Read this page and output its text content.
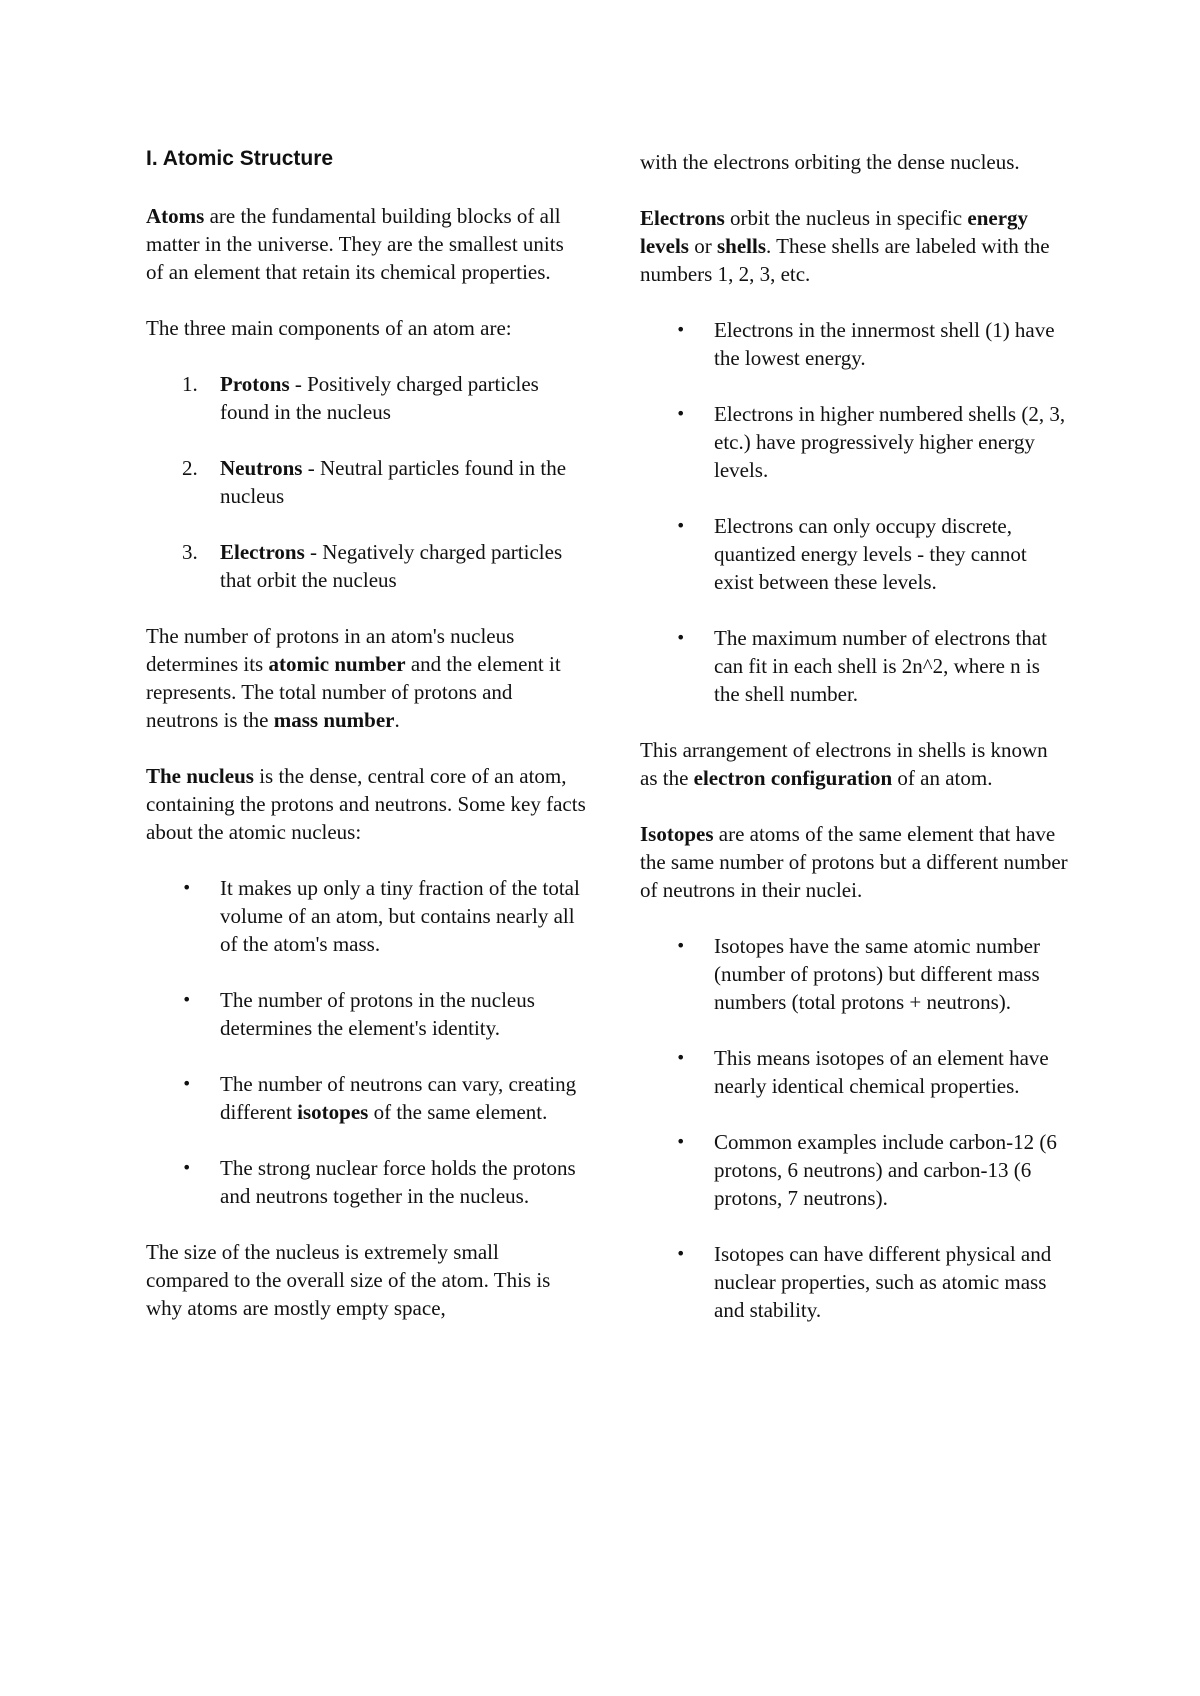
I. Atomic Structure

Atoms are the fundamental building blocks of all matter in the universe. They are the smallest units of an element that retain its chemical properties.

The three main components of an atom are:

1. Protons - Positively charged particles found in the nucleus
2. Neutrons - Neutral particles found in the nucleus
3. Electrons - Negatively charged particles that orbit the nucleus

The number of protons in an atom's nucleus determines its atomic number and the element it represents. The total number of protons and neutrons is the mass number.

The nucleus is the dense, central core of an atom, containing the protons and neutrons. Some key facts about the atomic nucleus:

• It makes up only a tiny fraction of the total volume of an atom, but contains nearly all of the atom's mass.
• The number of protons in the nucleus determines the element's identity.
• The number of neutrons can vary, creating different isotopes of the same element.
• The strong nuclear force holds the protons and neutrons together in the nucleus.

The size of the nucleus is extremely small compared to the overall size of the atom. This is why atoms are mostly empty space,

with the electrons orbiting the dense nucleus.

Electrons orbit the nucleus in specific energy levels or shells. These shells are labeled with the numbers 1, 2, 3, etc.

• Electrons in the innermost shell (1) have the lowest energy.
• Electrons in higher numbered shells (2, 3, etc.) have progressively higher energy levels.
• Electrons can only occupy discrete, quantized energy levels - they cannot exist between these levels.
• The maximum number of electrons that can fit in each shell is 2n^2, where n is the shell number.

This arrangement of electrons in shells is known as the electron configuration of an atom.

Isotopes are atoms of the same element that have the same number of protons but a different number of neutrons in their nuclei.

• Isotopes have the same atomic number (number of protons) but different mass numbers (total protons + neutrons).
• This means isotopes of an element have nearly identical chemical properties.
• Common examples include carbon-12 (6 protons, 6 neutrons) and carbon-13 (6 protons, 7 neutrons).
• Isotopes can have different physical and nuclear properties, such as atomic mass and stability.
